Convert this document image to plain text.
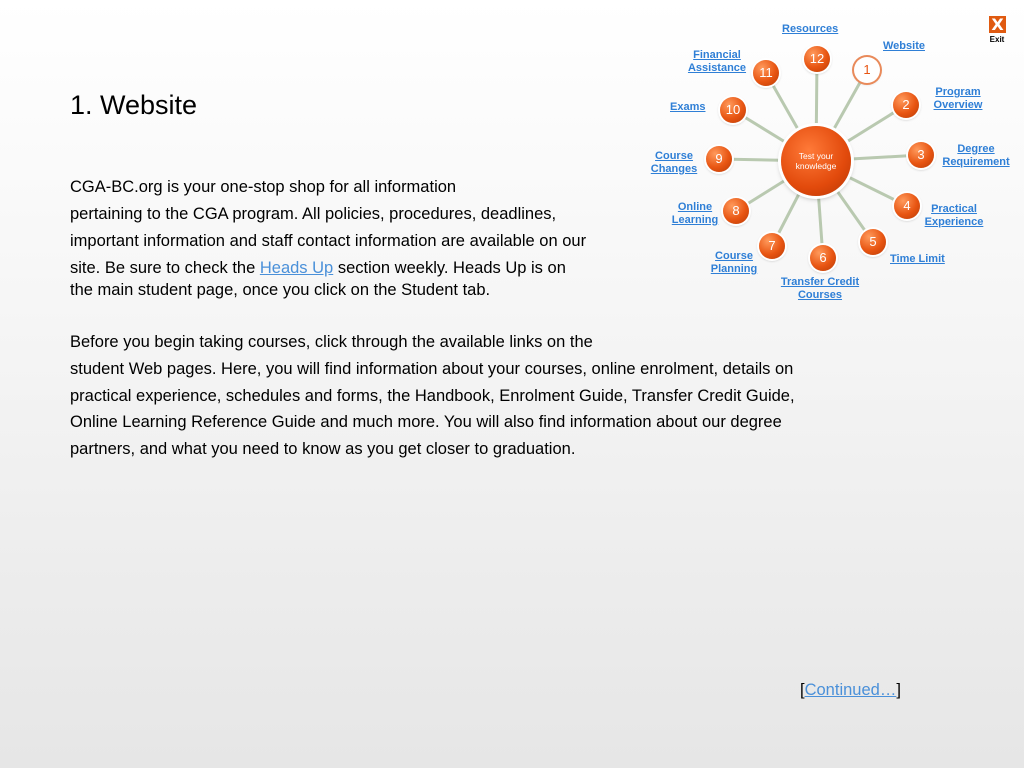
X
Exit
1. Website
CGA-BC.org is your one-stop shop for all information
pertaining to the CGA program. All policies, procedures, deadlines,
important information and staff contact information are available on our
site. Be sure to check the Heads Up section weekly. Heads Up is on
the main student page, once you click on the Student tab.
Before you begin taking courses, click through the available links on the
student Web pages. Here, you will find information about your courses, online enrolment, details on
practical experience, schedules and forms, the Handbook, Enrolment Guide, Transfer Credit Guide,
Online Learning Reference Guide and much more. You will also find information about our degree
partners, and what you need to know as you get closer to graduation.
[Continued…]
Test your knowledge
1
2
3
4
5
6
7
8
9
10
11
12
Website
Program Overview
Degree Requirement
Practical Experience
Time Limit
Transfer Credit Courses
Course Planning
Online Learning
Course Changes
Exams
Financial Assistance
Resources
